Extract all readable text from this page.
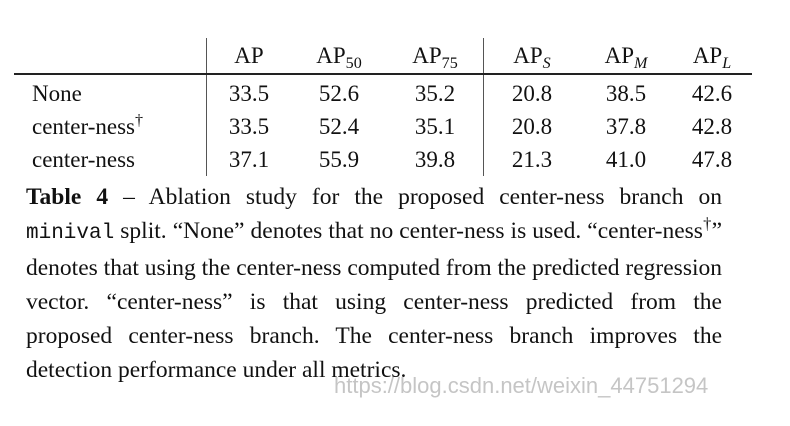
	AP	$AP_{50}$	$AP_{75}$	$AP_S$	$AP_M$	$AP_L$
None	33.5	52.6	35.2	20.8	38.5	42.6
center-ness†	33.5	52.4	35.1	20.8	37.8	42.8
center-ness	37.1	55.9	39.8	21.3	41.0	47.8
Table 4 – Ablation study for the proposed center-ness branch on minival split. “None” denotes that no center-ness is used. “center-ness†” denotes that using the center-ness computed from the predicted regression vector. “center-ness” is that using center-ness predicted from the proposed center-ness branch. The center-ness branch improves the detection performance under all metrics.
https://blog.csdn.net/weixin_44751294
